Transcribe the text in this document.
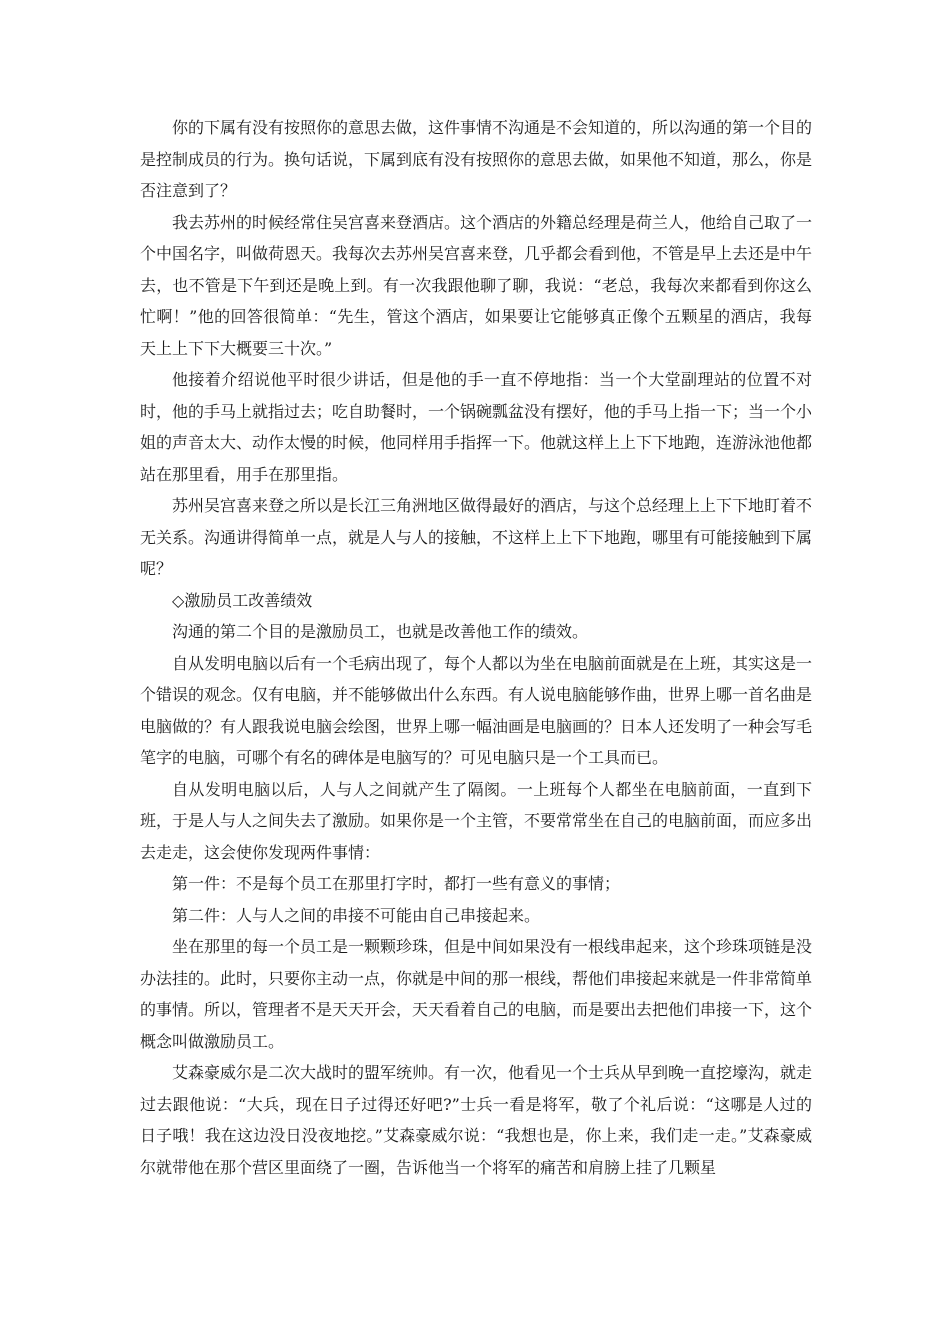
你的下属有没有按照你的意思去做，这件事情不沟通是不会知道的，所以沟通的第一个目的是控制成员的行为。换句话说，下属到底有没有按照你的意思去做，如果他不知道，那么，你是否注意到了？

我去苏州的时候经常住吴宫喜来登酒店。这个酒店的外籍总经理是荷兰人，他给自己取了一个中国名字，叫做荷恩天。我每次去苏州吴宫喜来登，几乎都会看到他，不管是早上去还是中午去，也不管是下午到还是晚上到。有一次我跟他聊了聊，我说：“老总，我每次来都看到你这么忙啊！”他的回答很简单：“先生，管这个酒店，如果要让它能够真正像个五颗星的酒店，我每天上上下下大概要三十次。”

他接着介绍说他平时很少讲话，但是他的手一直不停地指：当一个大堂副理站的位置不对时，他的手马上就指过去；吃自助餐时，一个锅碗瓢盆没有摆好，他的手马上指一下；当一个小姐的声音太大、动作太慢的时候，他同样用手指挥一下。他就这样上上下下地跑，连游泳池他都站在那里看，用手在那里指。

苏州吴宫喜来登之所以是长江三角洲地区做得最好的酒店，与这个总经理上上下下地盯着不无关系。沟通讲得简单一点，就是人与人的接触，不这样上上下下地跑，哪里有可能接触到下属呢？

◇激励员工改善绩效

沟通的第二个目的是激励员工，也就是改善他工作的绩效。

自从发明电脑以后有一个毛病出现了，每个人都以为坐在电脑前面就是在上班，其实这是一个错误的观念。仅有电脑，并不能够做出什么东西。有人说电脑能够作曲，世界上哪一首名曲是电脑做的？有人跟我说电脑会绘图，世界上哪一幅油画是电脑画的？日本人还发明了一种会写毛笔字的电脑，可哪个有名的碑体是电脑写的？可见电脑只是一个工具而已。

自从发明电脑以后，人与人之间就产生了隔阂。一上班每个人都坐在电脑前面，一直到下班，于是人与人之间失去了激励。如果你是一个主管，不要常常坐在自己的电脑前面，而应多出去走走，这会使你发现两件事情：

第一件：不是每个员工在那里打字时，都打一些有意义的事情；

第二件：人与人之间的串接不可能由自己串接起来。

坐在那里的每一个员工是一颗颗珍珠，但是中间如果没有一根线串起来，这个珍珠项链是没办法挂的。此时，只要你主动一点，你就是中间的那一根线，帮他们串接起来就是一件非常简单的事情。所以，管理者不是天天开会，天天看着自己的电脑，而是要出去把他们串接一下，这个概念叫做激励员工。

艾森豪威尔是二次大战时的盟军统帅。有一次，他看见一个士兵从早到晚一直挖壕沟，就走过去跟他说：“大兵，现在日子过得还好吧?”士兵一看是将军，敬了个礼后说：“这哪是人过的日子哦！我在这边没日没夜地挖。”艾森豪威尔说：“我想也是，你上来，我们走一走。”艾森豪威尔就带他在那个营区里面绕了一圈，告诉他当一个将军的痛苦和肩膀上挂了几颗星
